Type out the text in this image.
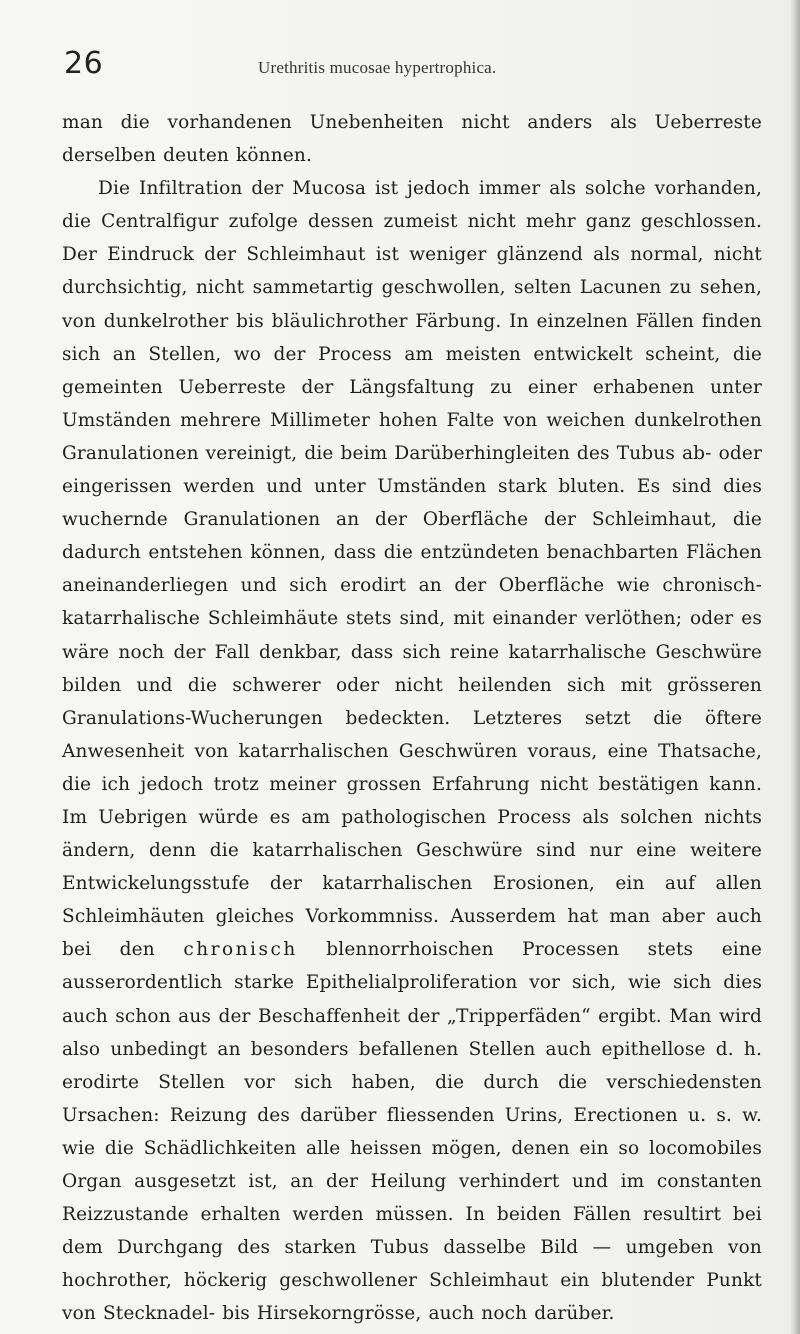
26	Urethritis mucosae hypertrophica.

man die vorhandenen Unebenheiten nicht anders als Ueberreste derselben deuten können.

Die Infiltration der Mucosa ist jedoch immer als solche vorhanden, die Centralfigur zufolge dessen zumeist nicht mehr ganz geschlossen. Der Eindruck der Schleimhaut ist weniger glänzend als normal, nicht durchsichtig, nicht sammetartig geschwollen, selten Lacunen zu sehen, von dunkelrother bis bläulichrother Färbung. In einzelnen Fällen finden sich an Stellen, wo der Process am meisten entwickelt scheint, die gemeinten Ueberreste der Längsfaltung zu einer erhabenen unter Umständen mehrere Millimeter hohen Falte von weichen dunkelrothen Granulationen vereinigt, die beim Darüberhingleiten des Tubus ab- oder eingerissen werden und unter Umständen stark bluten. Es sind dies wuchernde Granulationen an der Oberfläche der Schleimhaut, die dadurch entstehen können, dass die entzündeten benachbarten Flächen aneinanderliegen und sich erodirt an der Oberfläche wie chronisch-katarrhalische Schleimhäute stets sind, mit einander verlöthen; oder es wäre noch der Fall denkbar, dass sich reine katarrhalische Geschwüre bilden und die schwerer oder nicht heilenden sich mit grösseren Granulations-Wucherungen bedeckten. Letzteres setzt die öftere Anwesenheit von katarrhalischen Geschwüren voraus, eine Thatsache, die ich jedoch trotz meiner grossen Erfahrung nicht bestätigen kann. Im Uebrigen würde es am pathologischen Process als solchen nichts ändern, denn die katarrhalischen Geschwüre sind nur eine weitere Entwickelungsstufe der katarrhalischen Erosionen, ein auf allen Schleimhäuten gleiches Vorkommniss. Ausserdem hat man aber auch bei den chronisch blennorrhoischen Processen stets eine ausserordentlich starke Epithelialproliferation vor sich, wie sich dies auch schon aus der Beschaffenheit der „Tripperfäden“ ergibt. Man wird also unbedingt an besonders befallenen Stellen auch epithellose d. h. erodirte Stellen vor sich haben, die durch die verschiedensten Ursachen: Reizung des darüber fliessenden Urins, Erectionen u. s. w. wie die Schädlichkeiten alle heissen mögen, denen ein so locomobiles Organ ausgesetzt ist, an der Heilung verhindert und im constanten Reizzustande erhalten werden müssen. In beiden Fällen resultirt bei dem Durchgang des starken Tubus dasselbe Bild — umgeben von hochrother, höckerig geschwollener Schleimhaut ein blutender Punkt von Stecknadel- bis Hirsekorngrösse, auch noch darüber.
